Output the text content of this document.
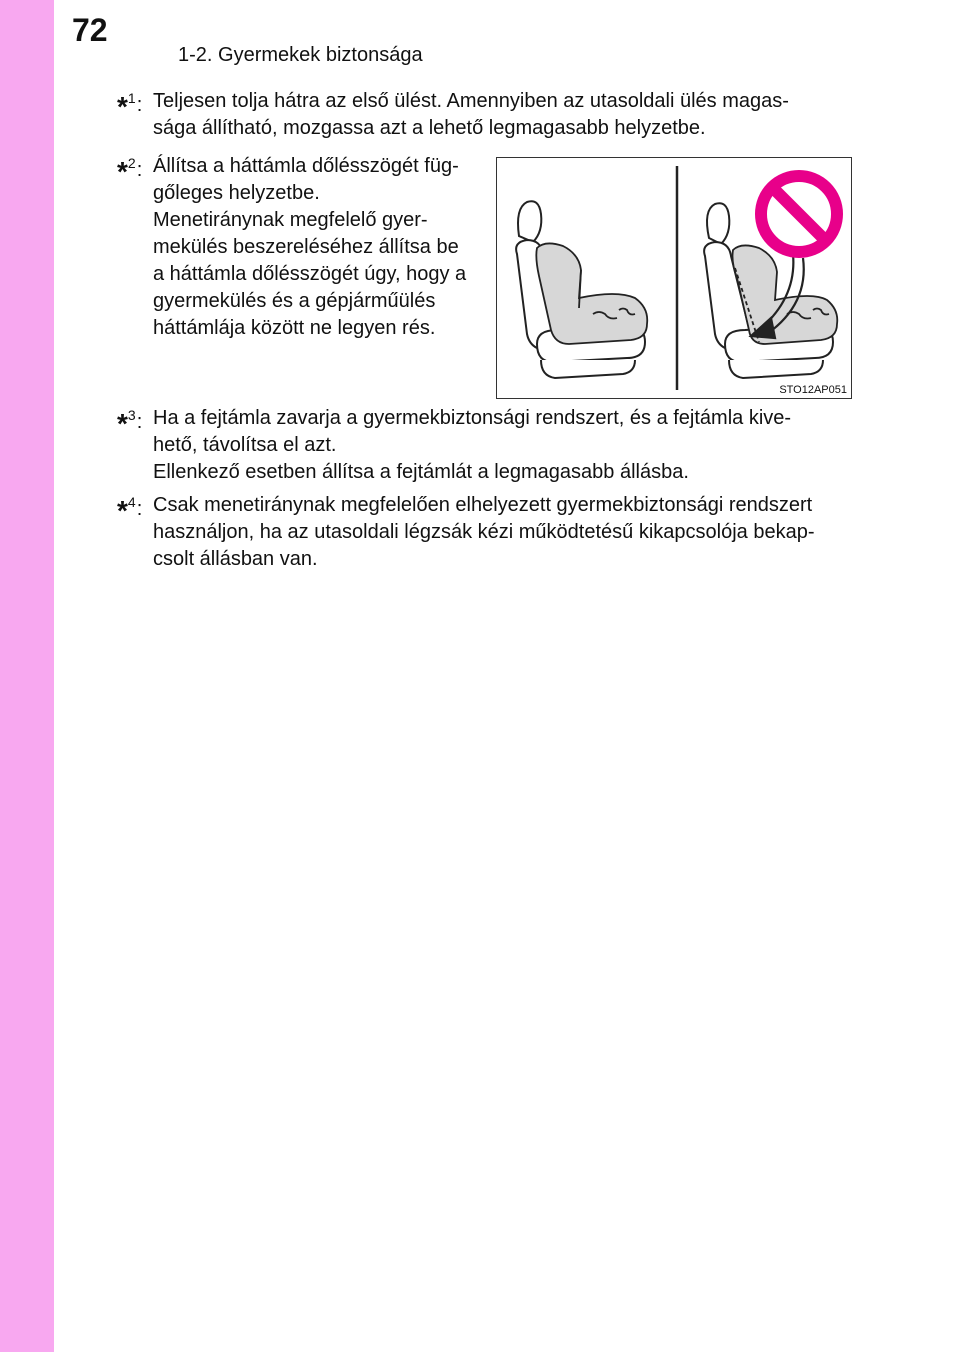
72
1-2. Gyermekek biztonsága
*$^1$: Teljesen tolja hátra az első ülést. Amennyiben az utasoldali ülés magas-

sága állítható, mozgassa azt a lehető legmagasabb helyzetbe.

*$^2$: Állítsa a háttámla dőlésszögét füg-

gőleges helyzetbe.

Menetiránynak megfelelő gyer-

mekülés beszereléséhez állítsa be

a háttámla dőlésszögét úgy, hogy a

gyermekülés és a gépjárműülés

háttámlája között ne legyen rés.

STO12AP051
*$^3$: Ha a fejtámla zavarja a gyermekbiztonsági rendszert, és a fejtámla kive-

hető, távolítsa el azt.

Ellenkező esetben állítsa a fejtámlát a legmagasabb állásba.

*$^4$: Csak menetiránynak megfelelően elhelyezett gyermekbiztonsági rendszert

használjon, ha az utasoldali légzsák kézi működtetésű kikapcsolója bekap-

csolt állásban van.
